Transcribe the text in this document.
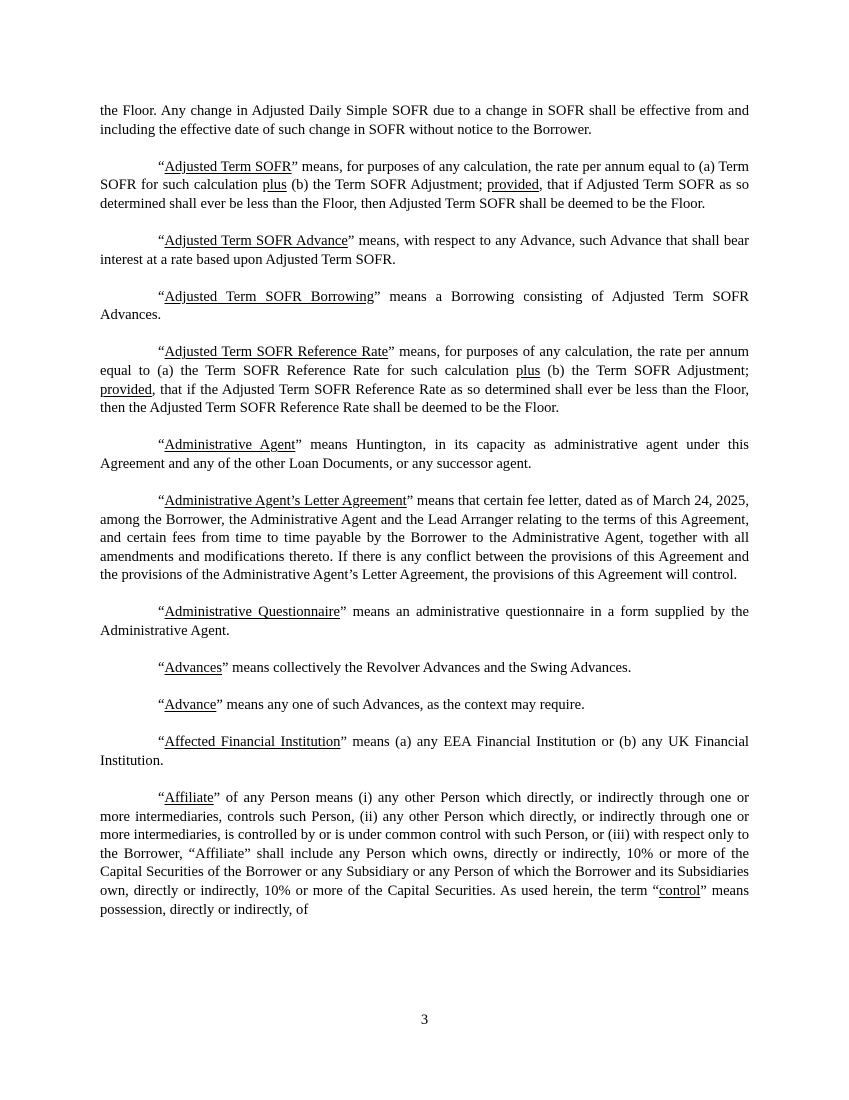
the Floor. Any change in Adjusted Daily Simple SOFR due to a change in SOFR shall be effective from and including the effective date of such change in SOFR without notice to the Borrower.

“Adjusted Term SOFR” means, for purposes of any calculation, the rate per annum equal to (a) Term SOFR for such calculation plus (b) the Term SOFR Adjustment; provided, that if Adjusted Term SOFR as so determined shall ever be less than the Floor, then Adjusted Term SOFR shall be deemed to be the Floor.

“Adjusted Term SOFR Advance” means, with respect to any Advance, such Advance that shall bear interest at a rate based upon Adjusted Term SOFR.

“Adjusted Term SOFR Borrowing” means a Borrowing consisting of Adjusted Term SOFR Advances.

“Adjusted Term SOFR Reference Rate” means, for purposes of any calculation, the rate per annum equal to (a) the Term SOFR Reference Rate for such calculation plus (b) the Term SOFR Adjustment; provided, that if the Adjusted Term SOFR Reference Rate as so determined shall ever be less than the Floor, then the Adjusted Term SOFR Reference Rate shall be deemed to be the Floor.

“Administrative Agent” means Huntington, in its capacity as administrative agent under this Agreement and any of the other Loan Documents, or any successor agent.

“Administrative Agent’s Letter Agreement” means that certain fee letter, dated as of March 24, 2025, among the Borrower, the Administrative Agent and the Lead Arranger relating to the terms of this Agreement, and certain fees from time to time payable by the Borrower to the Administrative Agent, together with all amendments and modifications thereto. If there is any conflict between the provisions of this Agreement and the provisions of the Administrative Agent’s Letter Agreement, the provisions of this Agreement will control.

“Administrative Questionnaire” means an administrative questionnaire in a form supplied by the Administrative Agent.

“Advances” means collectively the Revolver Advances and the Swing Advances.

“Advance” means any one of such Advances, as the context may require.

“Affected Financial Institution” means (a) any EEA Financial Institution or (b) any UK Financial Institution.

“Affiliate” of any Person means (i) any other Person which directly, or indirectly through one or more intermediaries, controls such Person, (ii) any other Person which directly, or indirectly through one or more intermediaries, is controlled by or is under common control with such Person, or (iii) with respect only to the Borrower, “Affiliate” shall include any Person which owns, directly or indirectly, 10% or more of the Capital Securities of the Borrower or any Subsidiary or any Person of which the Borrower and its Subsidiaries own, directly or indirectly, 10% or more of the Capital Securities. As used herein, the term “control” means possession, directly or indirectly, of

3
